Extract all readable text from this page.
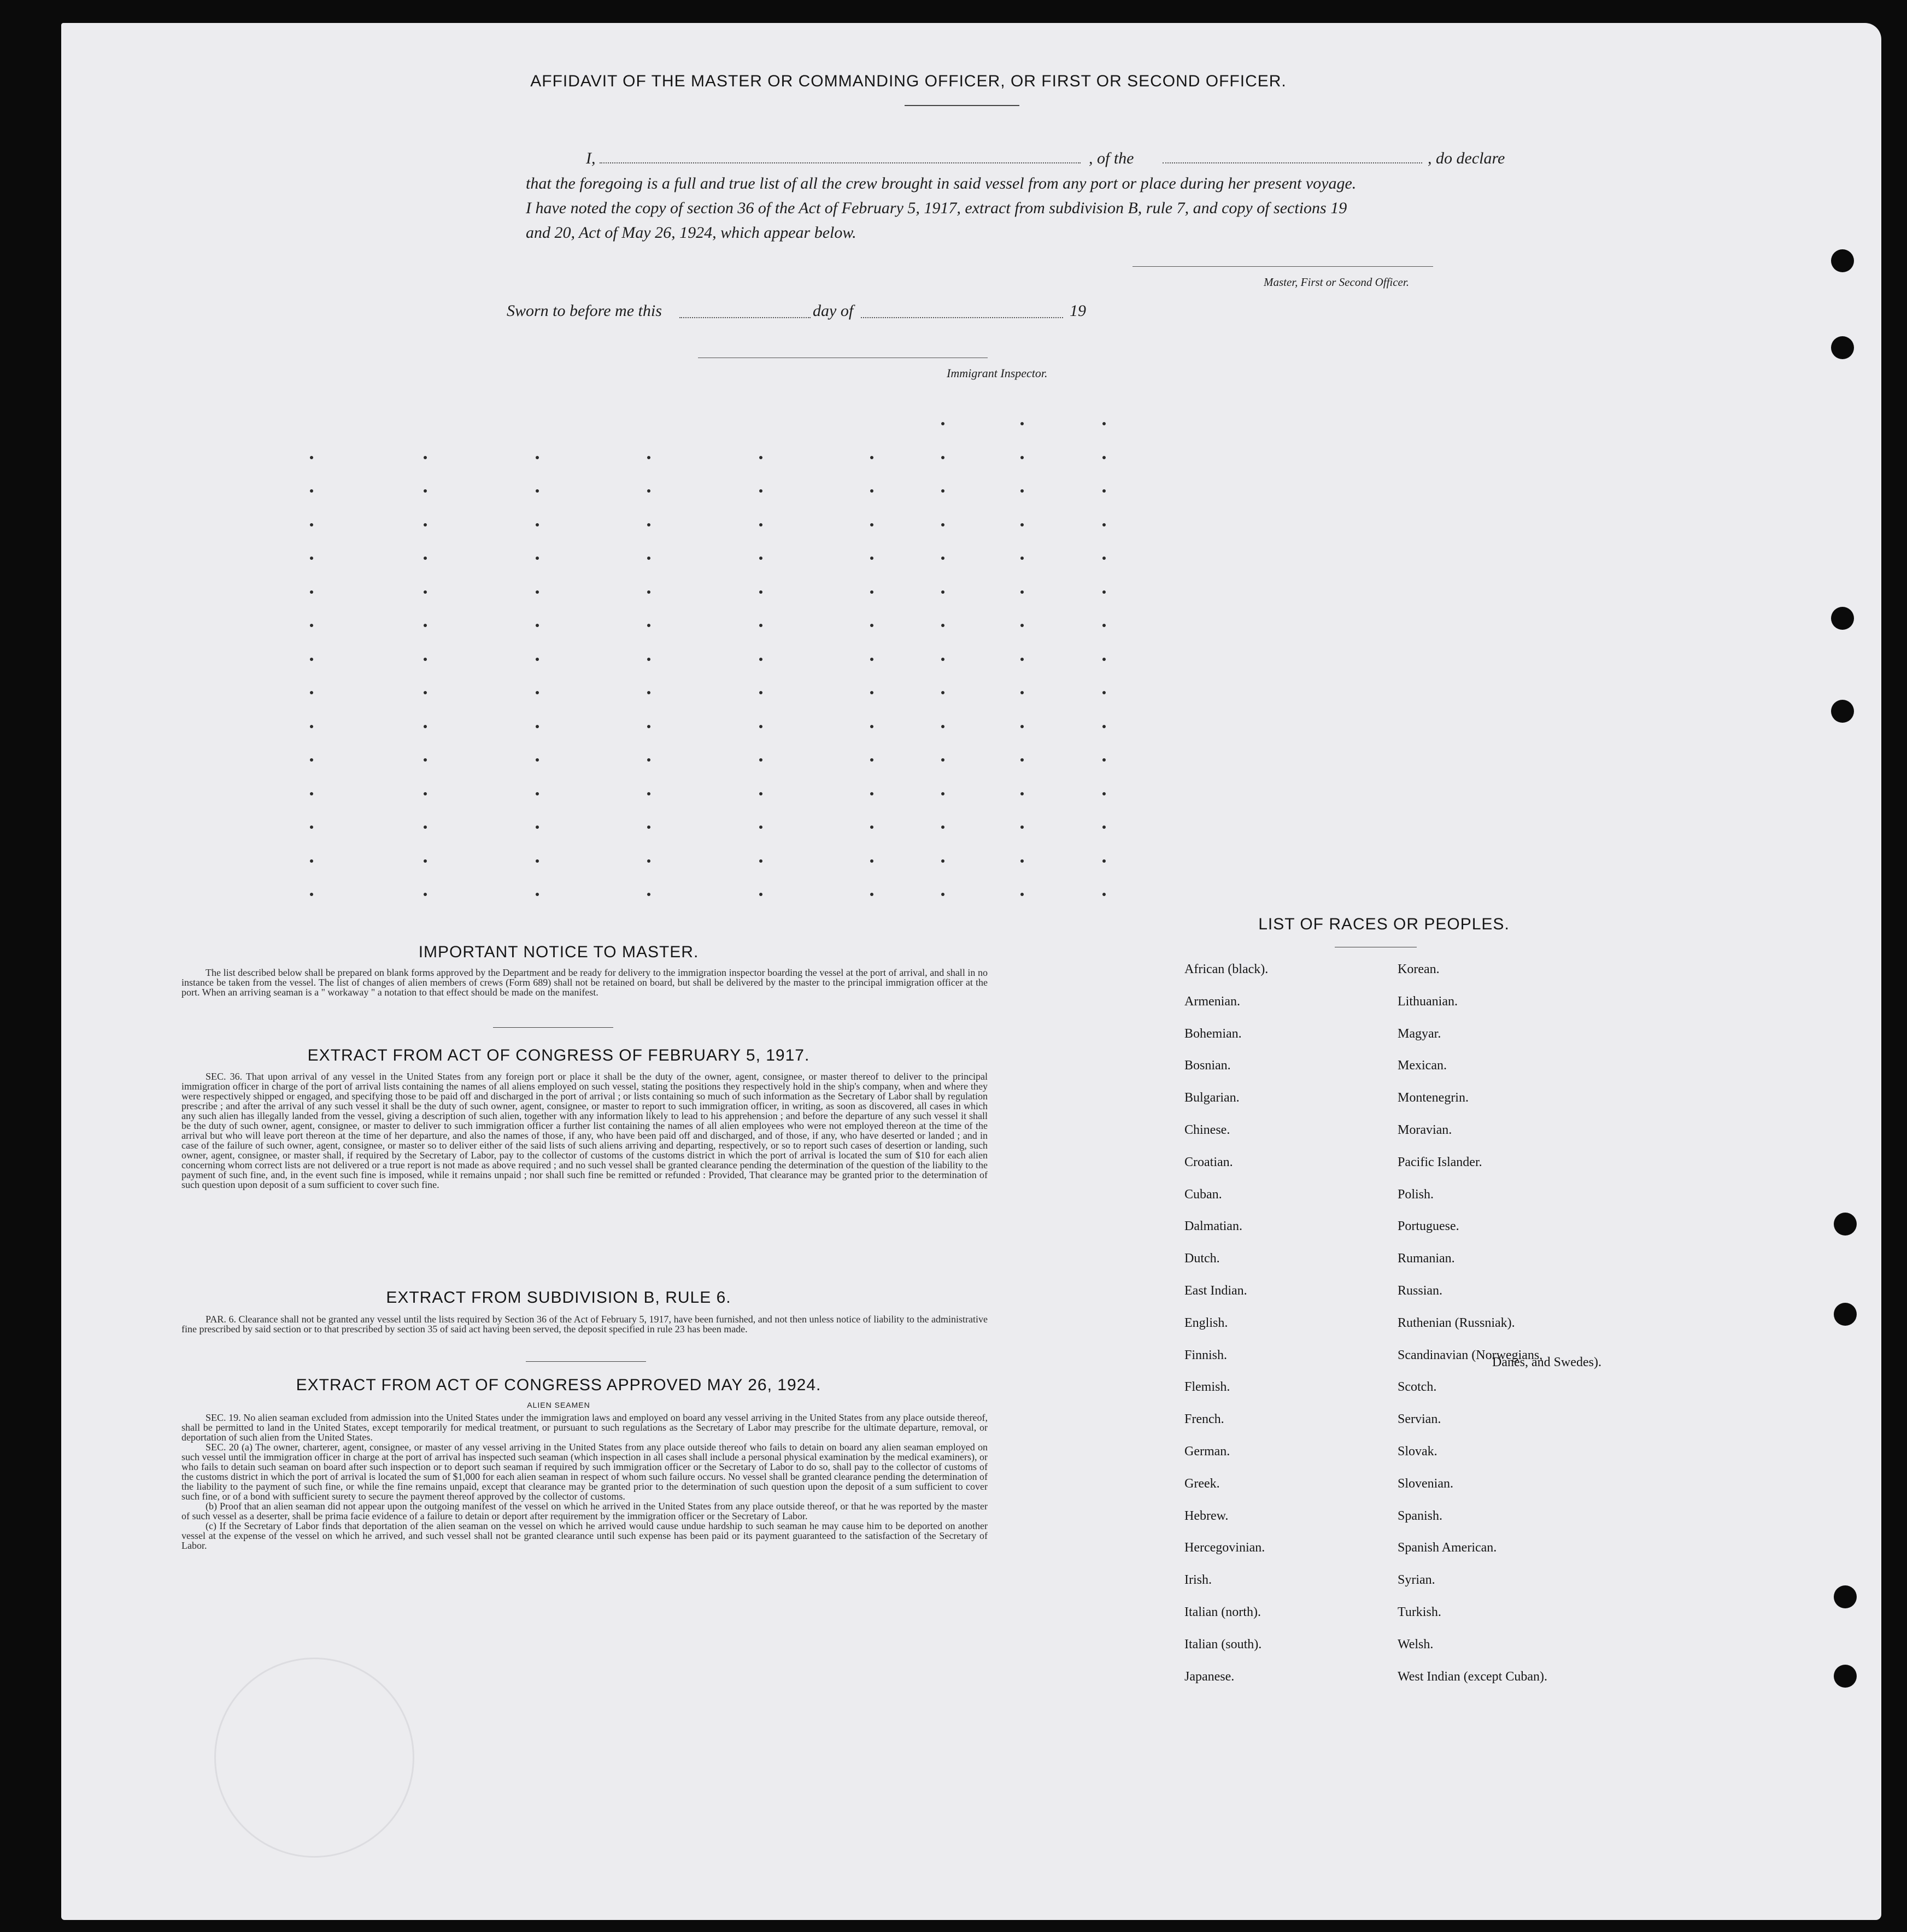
AFFIDAVIT OF THE MASTER OR COMMANDING OFFICER, OR FIRST OR SECOND OFFICER.
I,	, of the	, do declare
that the foregoing is a full and true list of all the crew brought in said vessel from any port or place during her present voyage.
I have noted the copy of section 36 of the Act of February 5, 1917, extract from subdivision B, rule 7, and copy of sections 19
and 20, Act of May 26, 1924, which appear below.
Master, First or Second Officer.
Sworn to before me this	day of	19
Immigrant Inspector.
IMPORTANT NOTICE TO MASTER.

The list described below shall be prepared on blank forms approved by the Department and be ready for delivery to the immigration inspector boarding the vessel at the port of arrival, and shall in no instance be taken from the vessel. The list of changes of alien members of crews (Form 689) shall not be retained on board, but shall be delivered by the master to the principal immigration officer at the port. When an arriving seaman is a " workaway " a notation to that effect should be made on the manifest.

EXTRACT FROM ACT OF CONGRESS OF FEBRUARY 5, 1917.

SEC. 36. That upon arrival of any vessel in the United States from any foreign port or place it shall be the duty of the owner, agent, consignee, or master thereof to deliver to the principal immigration officer in charge of the port of arrival lists containing the names of all aliens employed on such vessel, stating the positions they respectively hold in the ship's company, when and where they were respectively shipped or engaged, and specifying those to be paid off and discharged in the port of arrival ; or lists containing so much of such information as the Secretary of Labor shall by regulation prescribe ; and after the arrival of any such vessel it shall be the duty of such owner, agent, consignee, or master to report to such immigration officer, in writing, as soon as discovered, all cases in which any such alien has illegally landed from the vessel, giving a description of such alien, together with any information likely to lead to his apprehension ; and before the departure of any such vessel it shall be the duty of such owner, agent, consignee, or master to deliver to such immigration officer a further list containing the names of all alien employees who were not employed thereon at the time of the arrival but who will leave port thereon at the time of her departure, and also the names of those, if any, who have been paid off and discharged, and of those, if any, who have deserted or landed ; and in case of the failure of such owner, agent, consignee, or master so to deliver either of the said lists of such aliens arriving and departing, respectively, or so to report such cases of desertion or landing, such owner, agent, consignee, or master shall, if required by the Secretary of Labor, pay to the collector of customs of the customs district in which the port of arrival is located the sum of $10 for each alien concerning whom correct lists are not delivered or a true report is not made as above required ; and no such vessel shall be granted clearance pending the determination of the question of the liability to the payment of such fine, and, in the event such fine is imposed, while it remains unpaid ; nor shall such fine be remitted or refunded : Provided, That clearance may be granted prior to the determination of such question upon deposit of a sum sufficient to cover such fine.

EXTRACT FROM SUBDIVISION B, RULE 6.

PAR. 6. Clearance shall not be granted any vessel until the lists required by Section 36 of the Act of February 5, 1917, have been furnished, and not then unless notice of liability to the administrative fine prescribed by said section or to that prescribed by section 35 of said act having been served, the deposit specified in rule 23 has been made.

EXTRACT FROM ACT OF CONGRESS APPROVED MAY 26, 1924.
ALIEN SEAMEN

SEC. 19. No alien seaman excluded from admission into the United States under the immigration laws and employed on board any vessel arriving in the United States from any place outside thereof, shall be permitted to land in the United States, except temporarily for medical treatment, or pursuant to such regulations as the Secretary of Labor may prescribe for the ultimate departure, removal, or deportation of such alien from the United States.

SEC. 20 (a) The owner, charterer, agent, consignee, or master of any vessel arriving in the United States from any place outside thereof who fails to detain on board any alien seaman employed on such vessel until the immigration officer in charge at the port of arrival has inspected such seaman (which inspection in all cases shall include a personal physical examination by the medical examiners), or who fails to detain such seaman on board after such inspection or to deport such seaman if required by such immigration officer or the Secretary of Labor to do so, shall pay to the collector of customs of the customs district in which the port of arrival is located the sum of $1,000 for each alien seaman in respect of whom such failure occurs. No vessel shall be granted clearance pending the determination of the liability to the payment of such fine, or while the fine remains unpaid, except that clearance may be granted prior to the determination of such question upon the deposit of a sum sufficient to cover such fine, or of a bond with sufficient surety to secure the payment thereof approved by the collector of customs.

(b) Proof that an alien seaman did not appear upon the outgoing manifest of the vessel on which he arrived in the United States from any place outside thereof, or that he was reported by the master of such vessel as a deserter, shall be prima facie evidence of a failure to detain or deport after requirement by the immigration officer or the Secretary of Labor.

(c) If the Secretary of Labor finds that deportation of the alien seaman on the vessel on which he arrived would cause undue hardship to such seaman he may cause him to be deported on another vessel at the expense of the vessel on which he arrived, and such vessel shall not be granted clearance until such expense has been paid or its payment guaranteed to the satisfaction of the Secretary of Labor.

LIST OF RACES OR PEOPLES.
Danes, and Swedes).
African (black).
Armenian.
Bohemian.
Bosnian.
Bulgarian.
Chinese.
Croatian.
Cuban.
Dalmatian.
Dutch.
East Indian.
English.
Finnish.
Flemish.
French.
German.
Greek.
Hebrew.
Hercegovinian.
Irish.
Italian (north).
Italian (south).
Japanese.
Korean.
Lithuanian.
Magyar.
Mexican.
Montenegrin.
Moravian.
Pacific Islander.
Polish.
Portuguese.
Rumanian.
Russian.
Ruthenian (Russniak).
Scandinavian (Norwegians,
Scotch.
Servian.
Slovak.
Slovenian.
Spanish.
Spanish American.
Syrian.
Turkish.
Welsh.
West Indian (except Cuban).
